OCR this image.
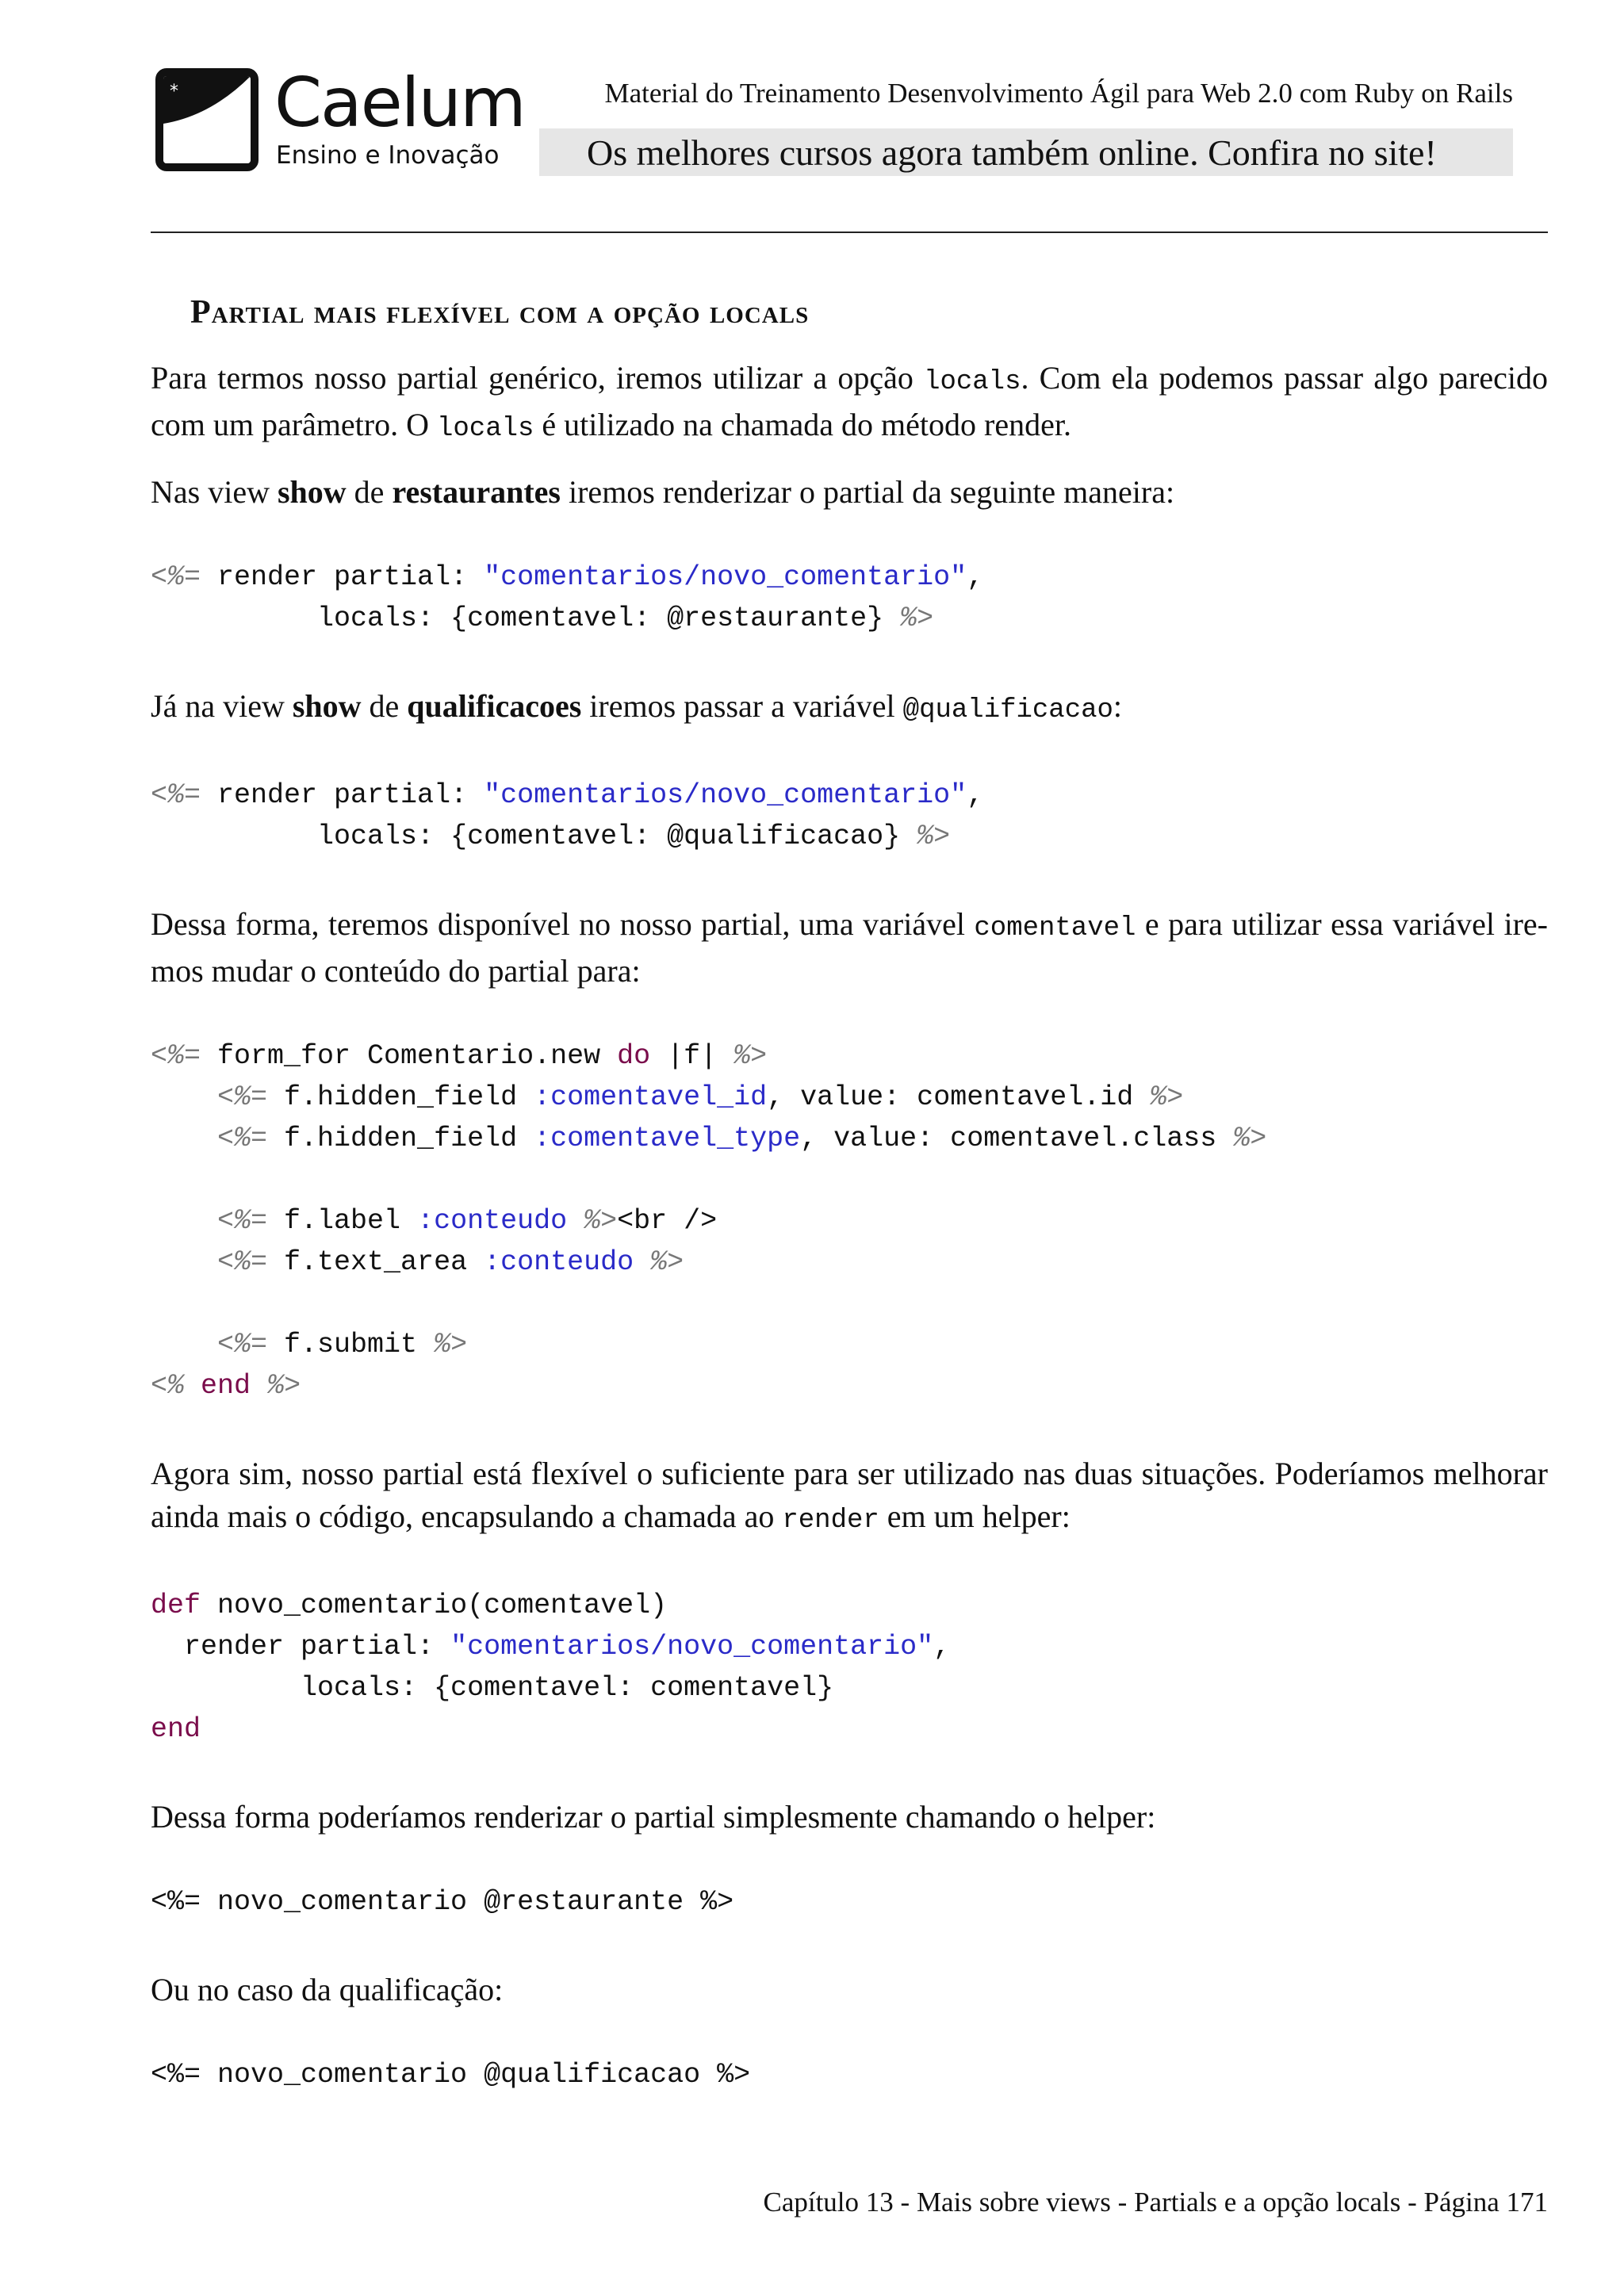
* Caelum
Ensino e Inovação
Material do Treinamento Desenvolvimento Ágil para Web 2.0 com Ruby on Rails
Os melhores cursos agora também online. Confira no site!
Partial mais flexível com a opção locals

Para termos nosso partial genérico, iremos utilizar a opção locals. Com ela podemos passar algo parecido com um parâmetro. O locals é utilizado na chamada do método render.

Nas view show de restaurantes iremos renderizar o partial da seguinte maneira:

<%= render partial: "comentarios/novo_comentario",
locals: {comentavel: @restaurante} %>

Já na view show de qualificacoes iremos passar a variável @qualificacao:

<%= render partial: "comentarios/novo_comentario",
locals: {comentavel: @qualificacao} %>

Dessa forma, teremos disponível no nosso partial, uma variável comentavel e para utilizar essa variável ire-mos mudar o conteúdo do partial para:

<%= form_for Comentario.new do |f| %>
<%= f.hidden_field :comentavel_id, value: comentavel.id %>
<%= f.hidden_field :comentavel_type, value: comentavel.class %>

<%= f.label :conteudo %><br />
<%= f.text_area :conteudo %>

<%= f.submit %>
<% end %>

Agora sim, nosso partial está flexível o suficiente para ser utilizado nas duas situações. Poderíamos melhorar ainda mais o código, encapsulando a chamada ao render em um helper:

def novo_comentario(comentavel)
render partial: "comentarios/novo_comentario",
locals: {comentavel: comentavel}
end

Dessa forma poderíamos renderizar o partial simplesmente chamando o helper:

<%= novo_comentario @restaurante %>

Ou no caso da qualificação:

<%= novo_comentario @qualificacao %>
Capítulo 13 - Mais sobre views - Partials e a opção locals - Página 171
